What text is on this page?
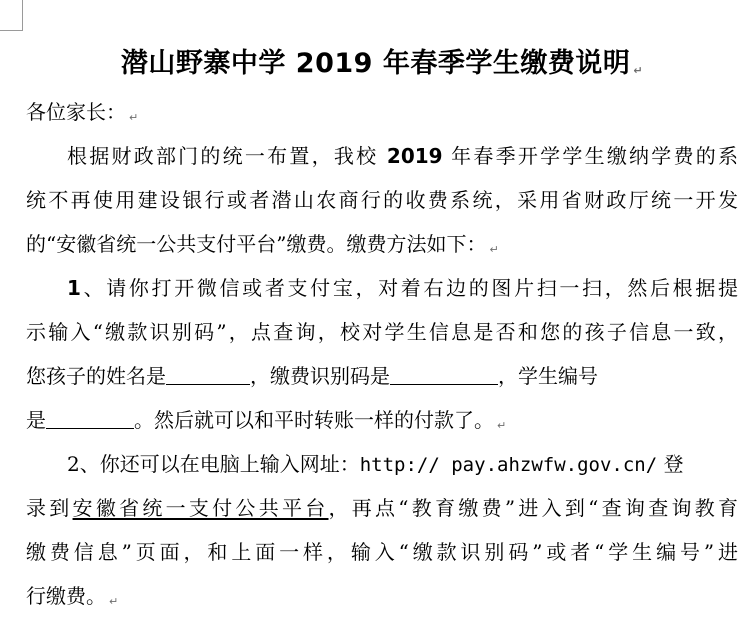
潜山野寨中学 2019 年春季学生缴费说明 ↵
各位家长： ↵
根据财政部门的统一布置，我校 2019 年春季开学学生缴纳学费的系
统不再使用建设银行或者潜山农商行的收费系统，采用省财政厅统一开发
的“安徽省统一公共支付平台”缴费。缴费方法如下： ↵
1、请你打开微信或者支付宝，对着右边的图片扫一扫，然后根据提
示输入“缴款识别码”，点查询，校对学生信息是否和您的孩子信息一致，
您孩子的姓名是	，缴费识别码是	，学生编号
是	。然后就可以和平时转账一样的付款了。 ↵
2、你还可以在电脑上输入网址：http:// pay.ahzwfw.gov.cn/ 登
录到安徽省统一支付公共平台，再点“教育缴费”进入到“查询查询教育
缴费信息”页面，和上面一样，输入“缴款识别码”或者“学生编号”进
行缴费。 ↵
